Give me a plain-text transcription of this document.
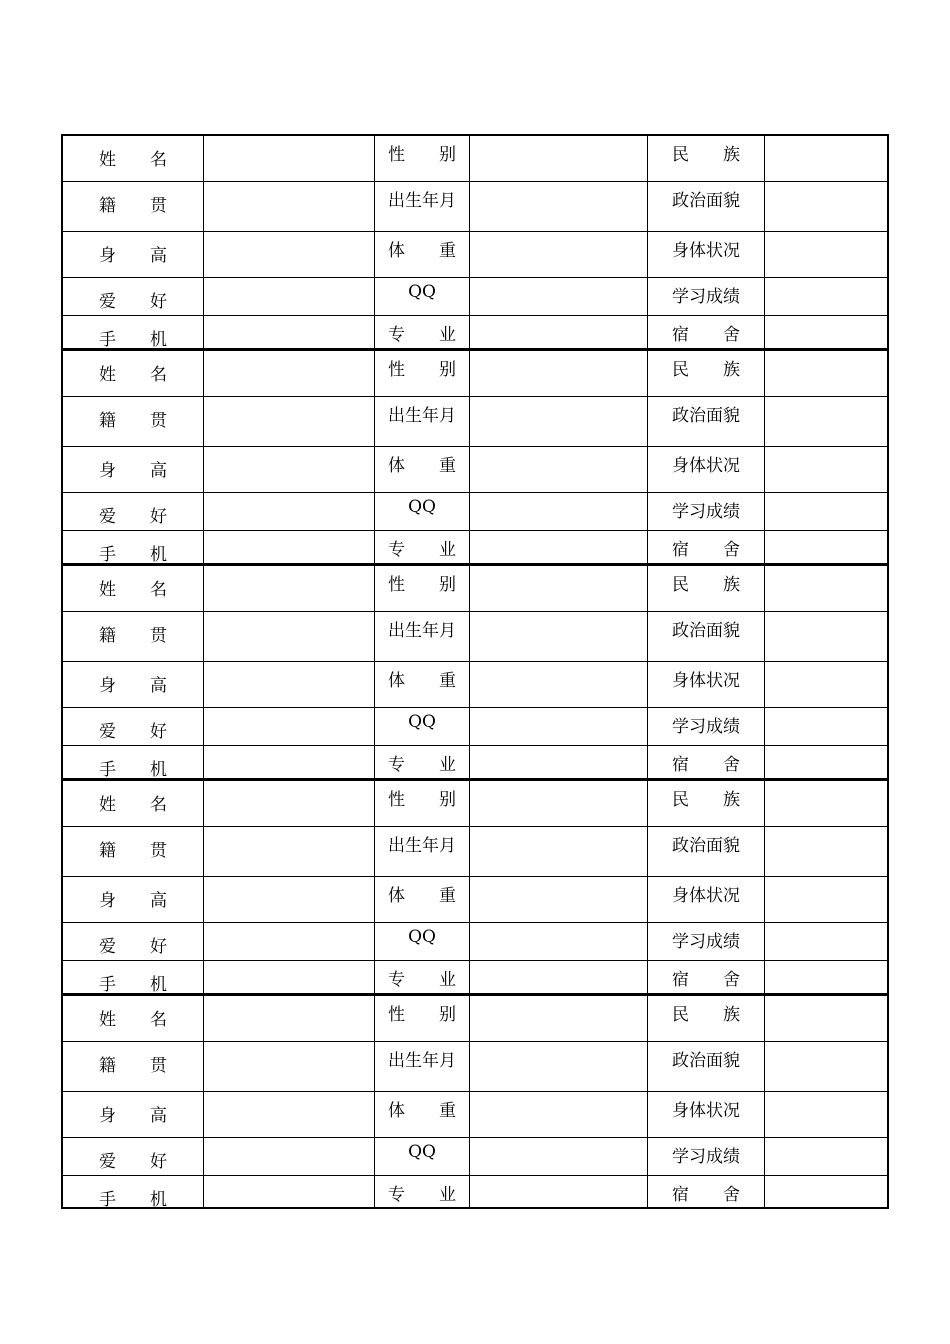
姓　　名	性　　别	民　　族
籍　　贯	出生年月	政治面貌
身　　高	体　　重	身体状况
爱　　好	QQ	学习成绩
手　　机	专　　业	宿　　舍
姓　　名	性　　别	民　　族
籍　　贯	出生年月	政治面貌
身　　高	体　　重	身体状况
爱　　好	QQ	学习成绩
手　　机	专　　业	宿　　舍
姓　　名	性　　别	民　　族
籍　　贯	出生年月	政治面貌
身　　高	体　　重	身体状况
爱　　好	QQ	学习成绩
手　　机	专　　业	宿　　舍
姓　　名	性　　别	民　　族
籍　　贯	出生年月	政治面貌
身　　高	体　　重	身体状况
爱　　好	QQ	学习成绩
手　　机	专　　业	宿　　舍
姓　　名	性　　别	民　　族
籍　　贯	出生年月	政治面貌
身　　高	体　　重	身体状况
爱　　好	QQ	学习成绩
手　　机	专　　业	宿　　舍
